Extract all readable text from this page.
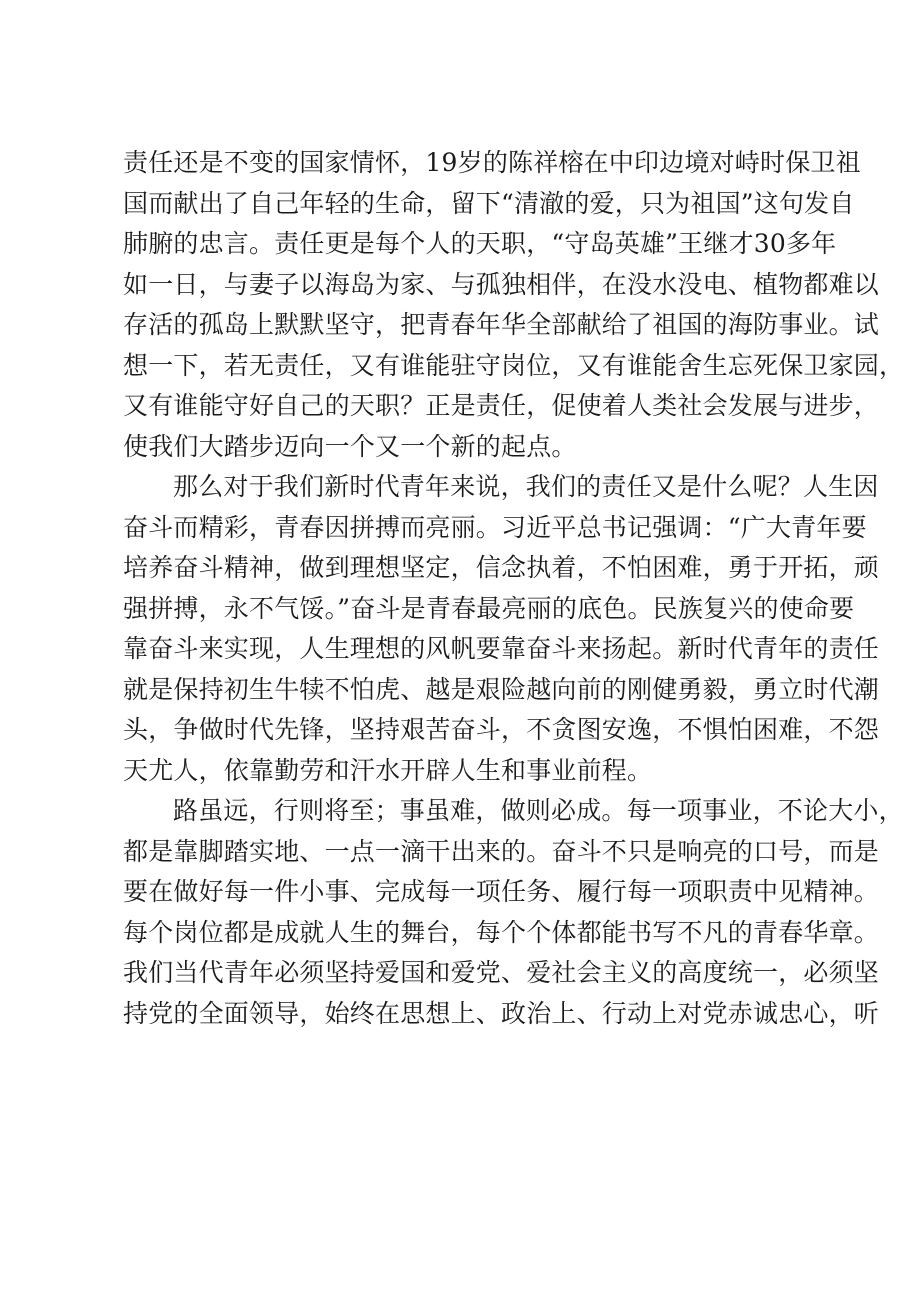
责任还是不变的国家情怀，19岁的陈祥榕在中印边境对峙时保卫祖
国而献出了自己年轻的生命，留下“清澈的爱，只为祖国”这句发自
肺腑的忠言。责任更是每个人的天职，“守岛英雄”王继才30多年
如一日，与妻子以海岛为家、与孤独相伴，在没水没电、植物都难以
存活的孤岛上默默坚守，把青春年华全部献给了祖国的海防事业。试
想一下，若无责任，又有谁能驻守岗位，又有谁能舍生忘死保卫家园，
又有谁能守好自己的天职？正是责任，促使着人类社会发展与进步，
使我们大踏步迈向一个又一个新的起点。
那么对于我们新时代青年来说，我们的责任又是什么呢？人生因
奋斗而精彩，青春因拼搏而亮丽。习近平总书记强调：“广大青年要
培养奋斗精神，做到理想坚定，信念执着，不怕困难，勇于开拓，顽
强拼搏，永不气馁。”奋斗是青春最亮丽的底色。民族复兴的使命要
靠奋斗来实现，人生理想的风帆要靠奋斗来扬起。新时代青年的责任
就是保持初生牛犊不怕虎、越是艰险越向前的刚健勇毅，勇立时代潮
头，争做时代先锋，坚持艰苦奋斗，不贪图安逸，不惧怕困难，不怨
天尤人，依靠勤劳和汗水开辟人生和事业前程。
路虽远，行则将至；事虽难，做则必成。每一项事业，不论大小，
都是靠脚踏实地、一点一滴干出来的。奋斗不只是响亮的口号，而是
要在做好每一件小事、完成每一项任务、履行每一项职责中见精神。
每个岗位都是成就人生的舞台，每个个体都能书写不凡的青春华章。
我们当代青年必须坚持爱国和爱党、爱社会主义的高度统一，必须坚
持党的全面领导，始终在思想上、政治上、行动上对党赤诚忠心，听
